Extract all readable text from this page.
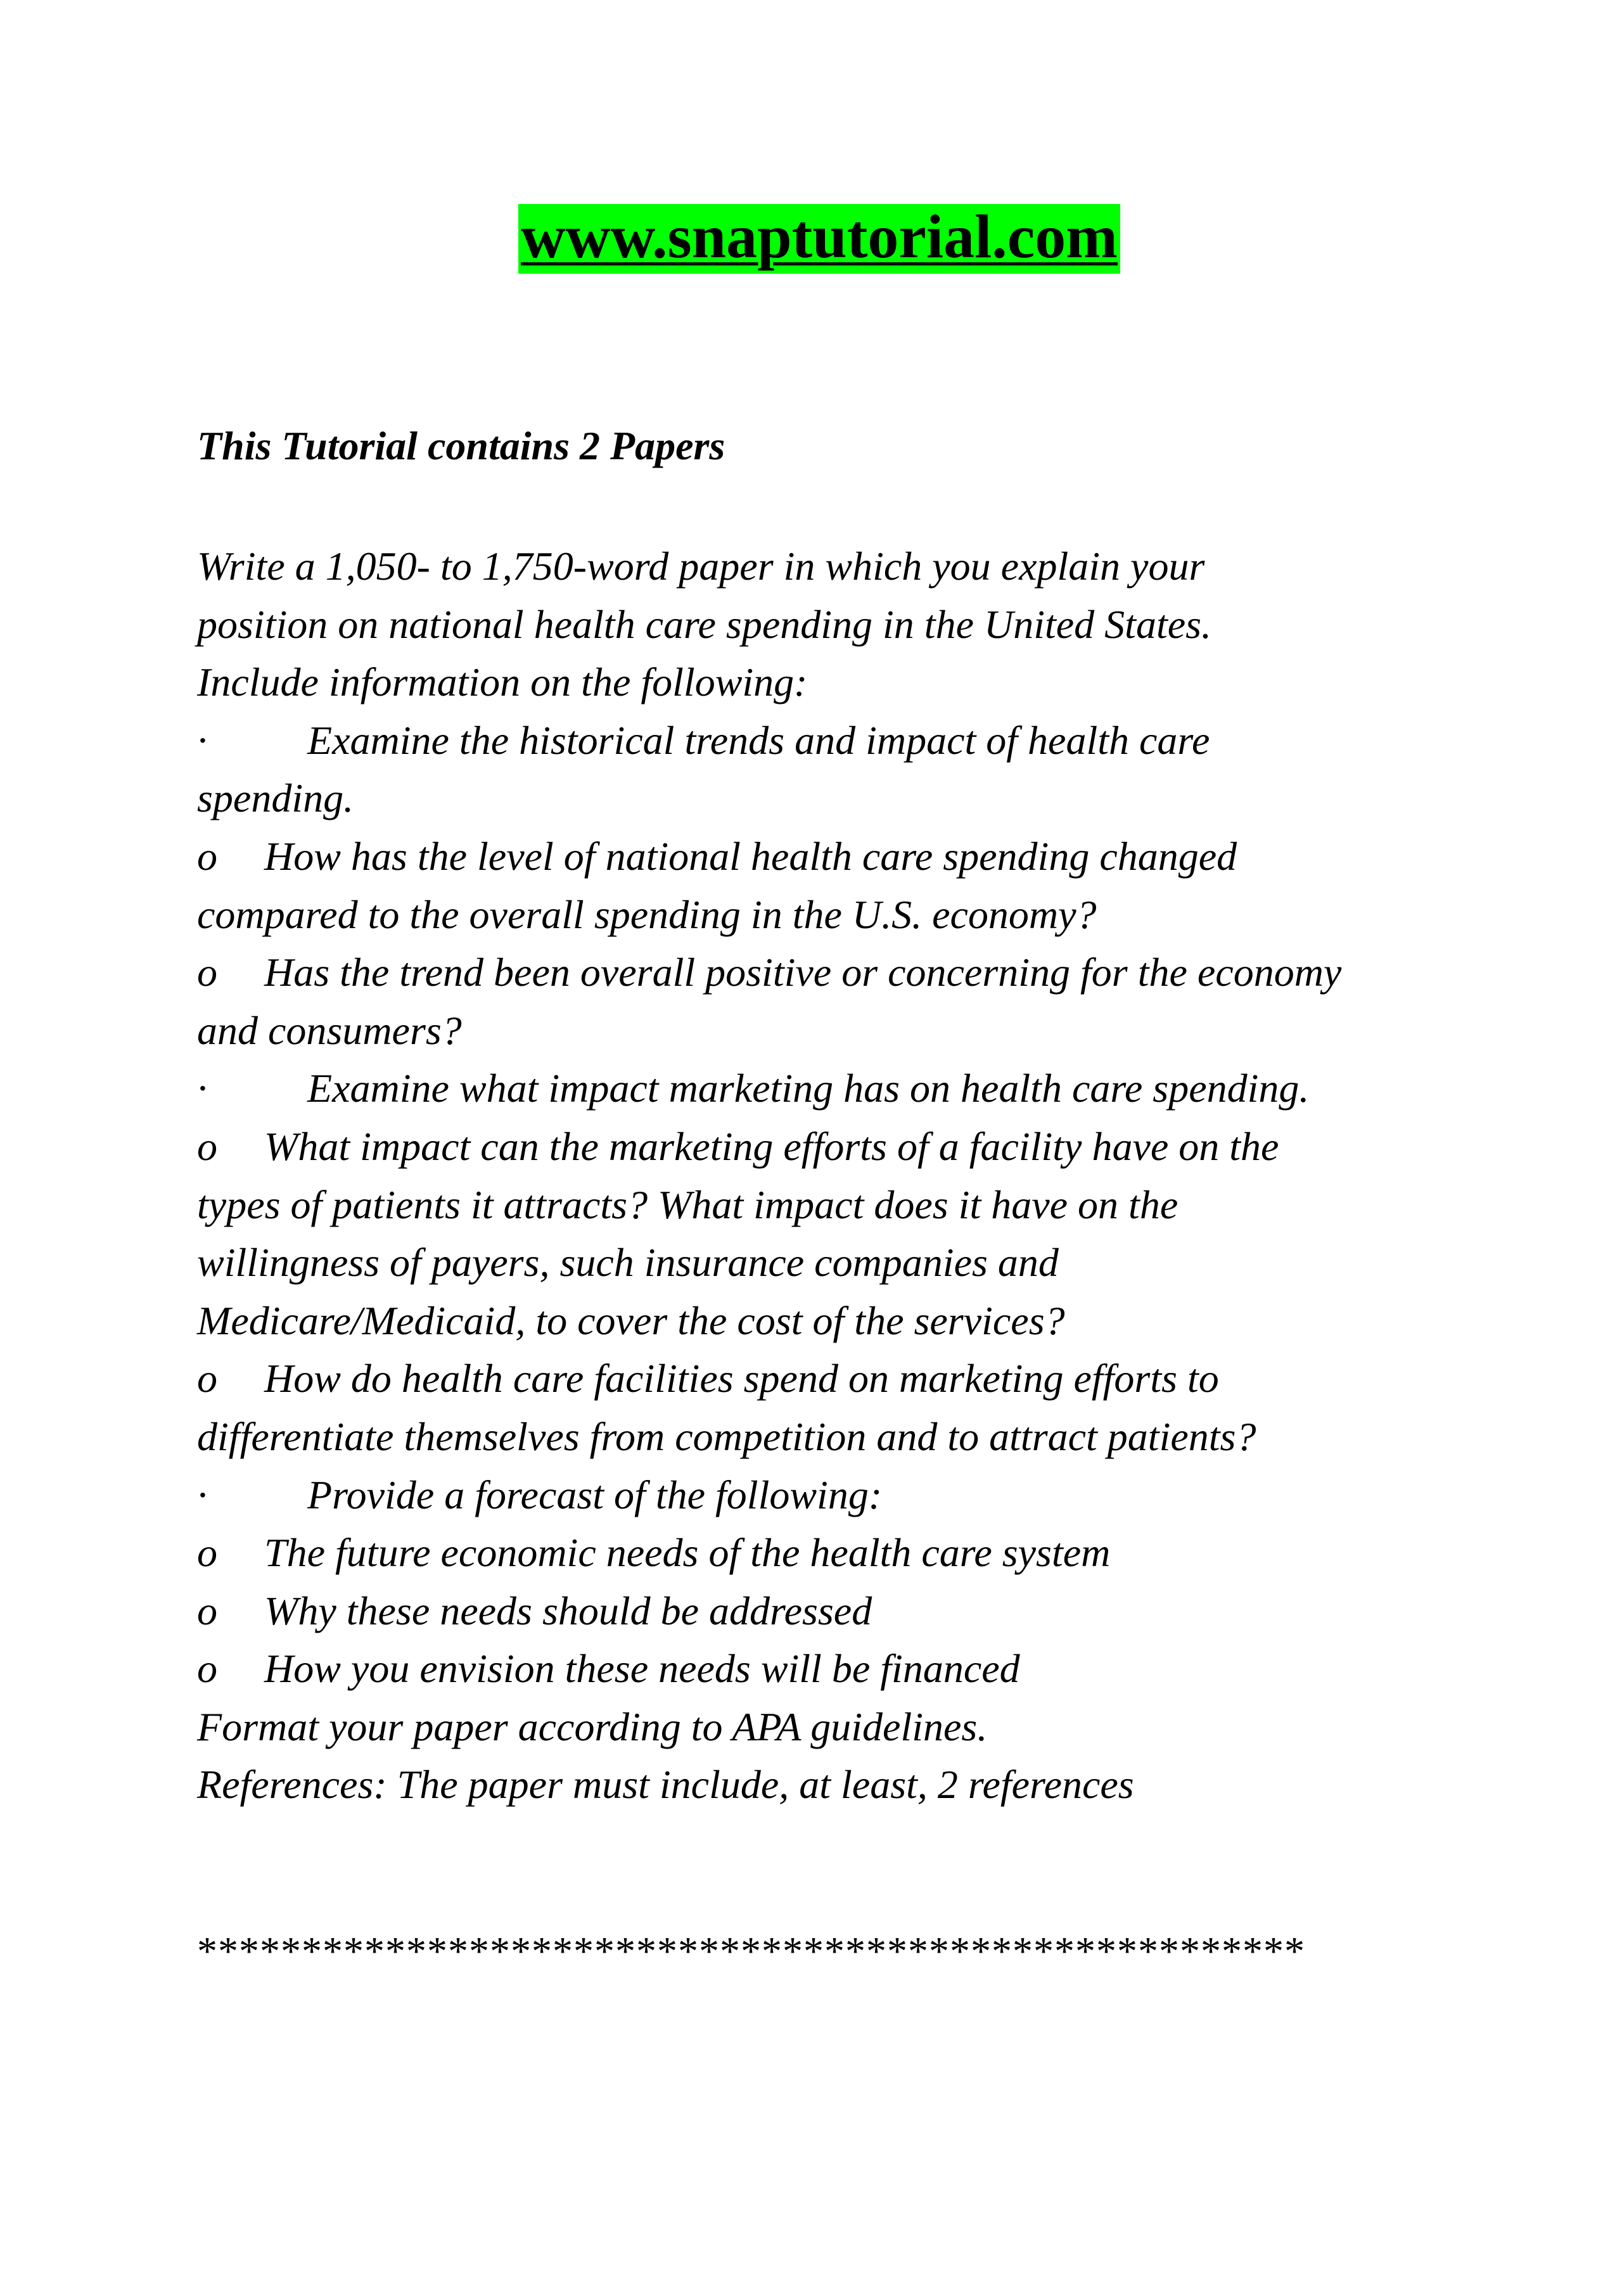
www.snaptutorial.com
This Tutorial contains 2 Papers
Write a 1,050- to 1,750-word paper in which you explain your
position on national health care spending in the United States.
Include information on the following:
· Examine the historical trends and impact of health care
spending.
o How has the level of national health care spending changed
compared to the overall spending in the U.S. economy?
o Has the trend been overall positive or concerning for the economy
and consumers?
· Examine what impact marketing has on health care spending.
o What impact can the marketing efforts of a facility have on the
types of patients it attracts? What impact does it have on the
willingness of payers, such insurance companies and
Medicare/Medicaid, to cover the cost of the services?
o How do health care facilities spend on marketing efforts to
differentiate themselves from competition and to attract patients?
· Provide a forecast of the following:
o The future economic needs of the health care system
o Why these needs should be addressed
o How you envision these needs will be financed
Format your paper according to APA guidelines.
References: The paper must include, at least, 2 references
*****************************************************
